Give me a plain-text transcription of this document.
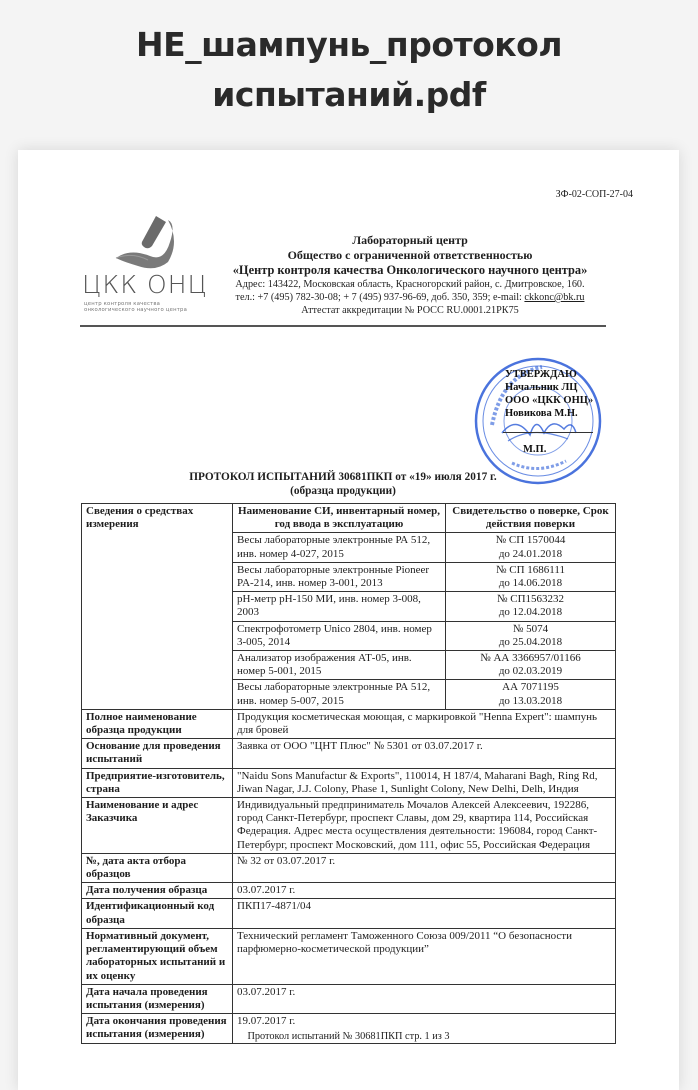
НЕ_шампунь_протокол
испытаний.pdf
ЗФ-02-СОП-27-04
ЦКК ОНЦ
центр контроля качества
онкологического научного центра
Лабораторный центр
Общество с ограниченной ответственностью
«Центр контроля качества Онкологического научного центра»
Адрес: 143422, Московская область, Красногорский район, с. Дмитровское, 160.
тел.: +7 (495) 782-30-08; + 7 (495) 937-96-69, доб. 350, 359; e-mail: ckkonc@bk.ru
Аттестат аккредитации № РОСС RU.0001.21РК75
УТВЕРЖДАЮ
Начальник ЛЦ
ООО «ЦКК ОНЦ»
Новикова М.Н.
М.П.
ПРОТОКОЛ ИСПЫТАНИЙ 30681ПКП от «19» июля 2017 г.
(образца продукции)
Сведения о средствах измерения	Наименование СИ, инвентарный номер, год ввода в эксплуатацию	Свидетельство о поверке, Срок действия поверки
	Весы лабораторные электронные РА 512, инв. номер 4-027, 2015	№ СП 1570044
до 24.01.2018

	Весы лабораторные электронные Pioneer PA-214, инв. номер 3-001, 2013	№ СП 1686111
до 14.06.2018

	pH-метр pH-150 МИ, инв. номер 3-008, 2003	№ СП1563232
до 12.04.2018

	Спектрофотометр Unico 2804, инв. номер 3-005, 2014	№ 5074
до 25.04.2018

	Анализатор изображения АТ-05, инв. номер 5-001, 2015	№ АА 3366957/01166
до 02.03.2019

	Весы лабораторные электронные РА 512, инв. номер 5-007, 2015	АА 7071195
до 13.03.2018

Полное наименование образца продукции	Продукция косметическая моющая, с маркировкой "Henna Expert": шампунь для бровей	
Основание для проведения испытаний	Заявка от ООО "ЦНТ Плюс" № 5301 от 03.07.2017 г.	
Предприятие-изготовитель, страна	"Naidu Sons Manufactur & Exports", 110014, H 187/4, Maharani Bagh, Ring Rd, Jiwan Nagar, J.J. Colony, Phase 1, Sunlight Colony, New Delhi, Delh, Индия	
Наименование и адрес Заказчика	Индивидуальный предприниматель Мочалов Алексей Алексеевич, 192286, город Санкт-Петербург, проспект Славы, дом 29, квартира 114, Российская Федерация. Адрес места осуществления деятельности: 196084, город Санкт-Петербург, проспект Московский, дом 111, офис 55, Российская Федерация	
№, дата акта отбора образцов	№ 32 от 03.07.2017 г.	
Дата получения образца	03.07.2017 г.	
Идентификационный код образца	ПКП17-4871/04	
Нормативный документ, регламентирующий объем лабораторных испытаний и их оценку	Технический регламент Таможенного Союза 009/2011 “О безопасности парфюмерно-косметической продукции”	
Дата начала проведения испытания (измерения)	03.07.2017 г.	
Дата окончания проведения испытания (измерения)	19.07.2017 г.	
Протокол испытаний № 30681ПКП стр. 1 из 3
